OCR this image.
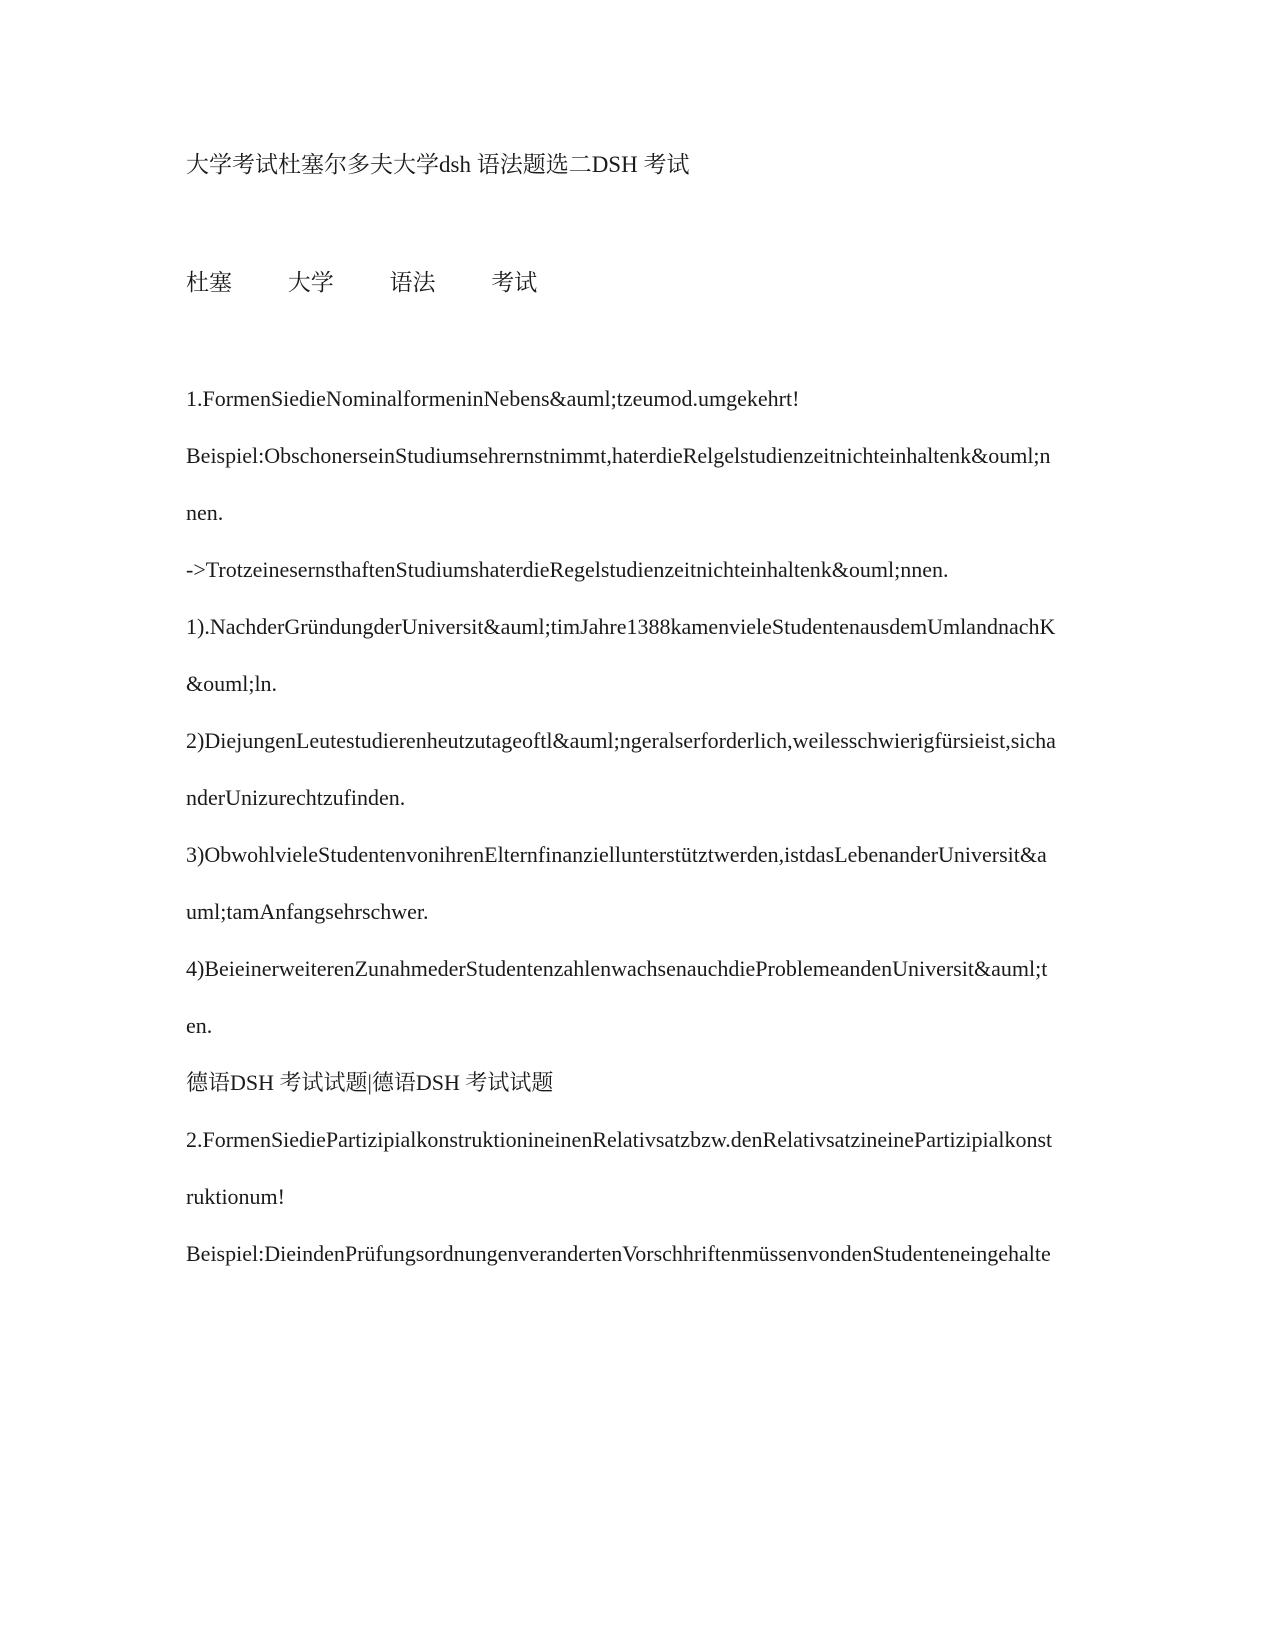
大学考试杜塞尔多夫大学dsh 语法题选二DSH 考试
杜塞 大学 语法 考试

1.FormenSiedieNominalformeninNebens&auml;tzeumod.umgekehrt!

Beispiel:ObschonerseinStudiumsehrernstnimmt,haterdieRelgelstudienzeitnichteinhaltenk&ouml;n

nen.

->TrotzeinesernsthaftenStudiumshaterdieRegelstudienzeitnichteinhaltenk&ouml;nnen.

1).NachderGründungderUniversit&auml;timJahre1388kamenvieleStudentenausdemUmlandnachK

&ouml;ln.

2)DiejungenLeutestudierenheutzutageoftl&auml;ngeralserforderlich,weilesschwierigfürsieist,sicha

nderUnizurechtzufinden.

3)ObwohlvieleStudentenvonihrenElternfinanziellunterstütztwerden,istdasLebenanderUniversit&a

uml;tamAnfangsehrschwer.

4)BeieinerweiterenZunahmederStudentenzahlenwachsenauchdieProblemeandenUniversit&auml;t

en.

德语DSH 考试试题|德语DSH 考试试题

2.FormenSiediePartizipialkonstruktionineinenRelativsatzbzw.denRelativsatzineinePartizipialkonst

ruktionum!

Beispiel:DieindenPrüfungsordnungenverandertenVorschhriftenmüssenvondenStudenteneingehalte
